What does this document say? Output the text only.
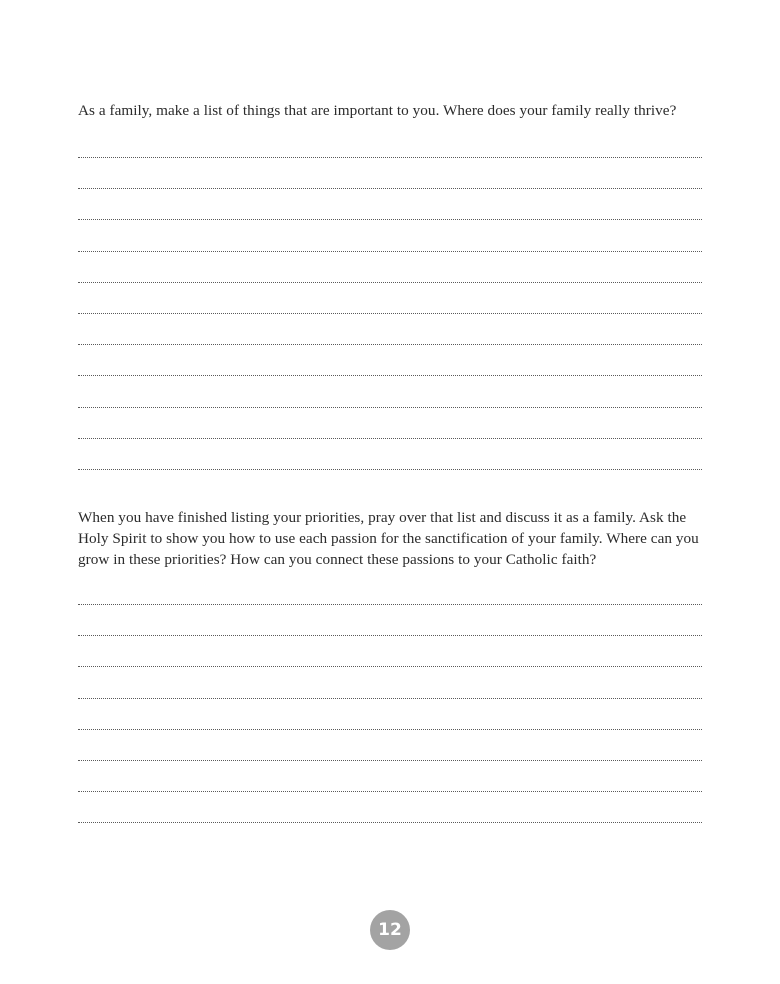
As a family, make a list of things that are important to you. Where does your family really thrive?

When you have finished listing your priorities, pray over that list and discuss it as a family. Ask the Holy Spirit to show you how to use each passion for the sanctification of your family. Where can you grow in these priorities? How can you connect these passions to your Catholic faith?

12
